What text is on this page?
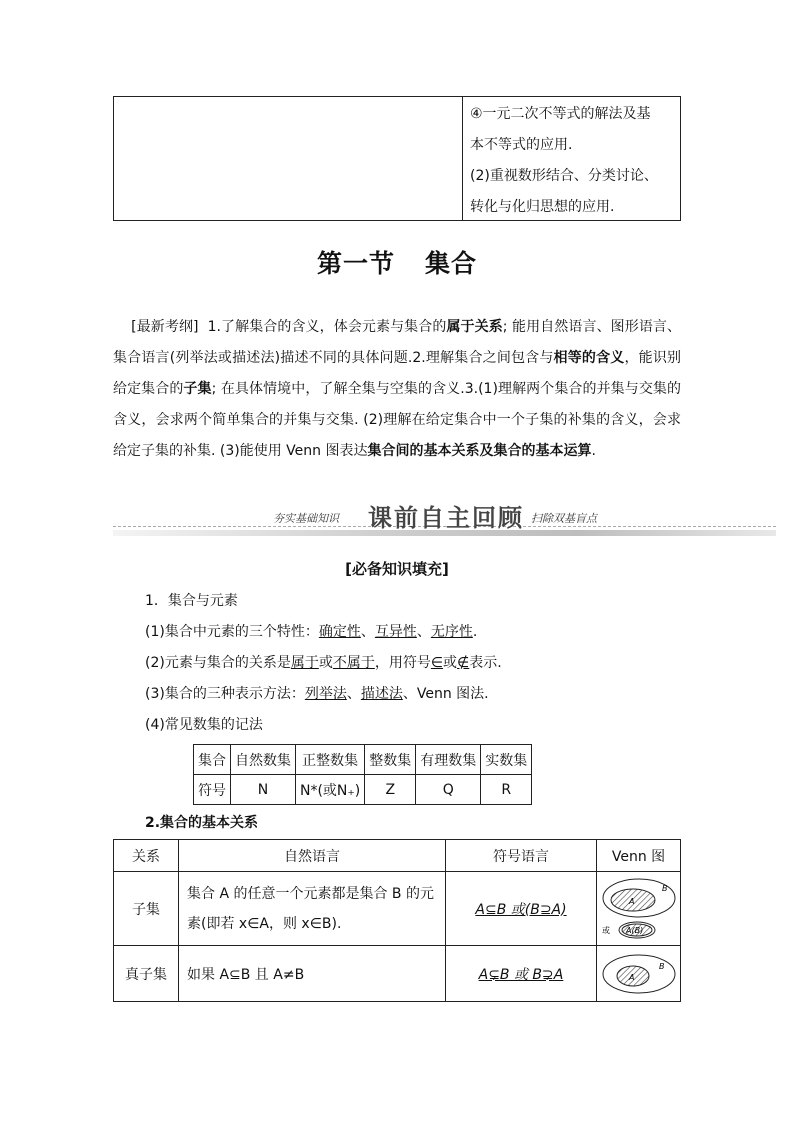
④一元二次不等式的解法及基
本不等式的应用.
(2)重视数形结合、分类讨论、
转化与化归思想的应用.
第一节 集合

[最新考纲] 1.了解集合的含义，体会元素与集合的属于关系; 能用自然语言、图形语言、集合语言(列举法或描述法)描述不同的具体问题.2.理解集合之间包含与相等的含义，能识别给定集合的子集; 在具体情境中，了解全集与空集的含义.3.(1)理解两个集合的并集与交集的含义，会求两个简单集合的并集与交集. (2)理解在给定集合中一个子集的补集的含义，会求给定子集的补集. (3)能使用 Venn 图表达集合间的基本关系及集合的基本运算.

夯实基础知识 课前自主回顾 扫除双基盲点
[必备知识填充]
1．集合与元素
(1)集合中元素的三个特性：确定性、互异性、无序性.
(2)元素与集合的关系是属于或不属于，用符号∈或∉表示.
(3)集合的三种表示方法：列举法、描述法、Venn 图法.
(4)常见数集的记法
集合	自然数集	正整数集	整数集	有理数集	实数集
符号	N	N*(或N₊)	Z	Q	R
2.集合的基本关系
关系	自然语言	符号语言	Venn 图
子集	集合 A 的任意一个元素都是集合 B 的元素(即若 x∈A，则 x∈B).	A⊆B 或(B⊇A)	A
B
或 A(B)

真子集	如果 A⊆B 且 A≠B	A⊊B 或 B⊋A	A
B
